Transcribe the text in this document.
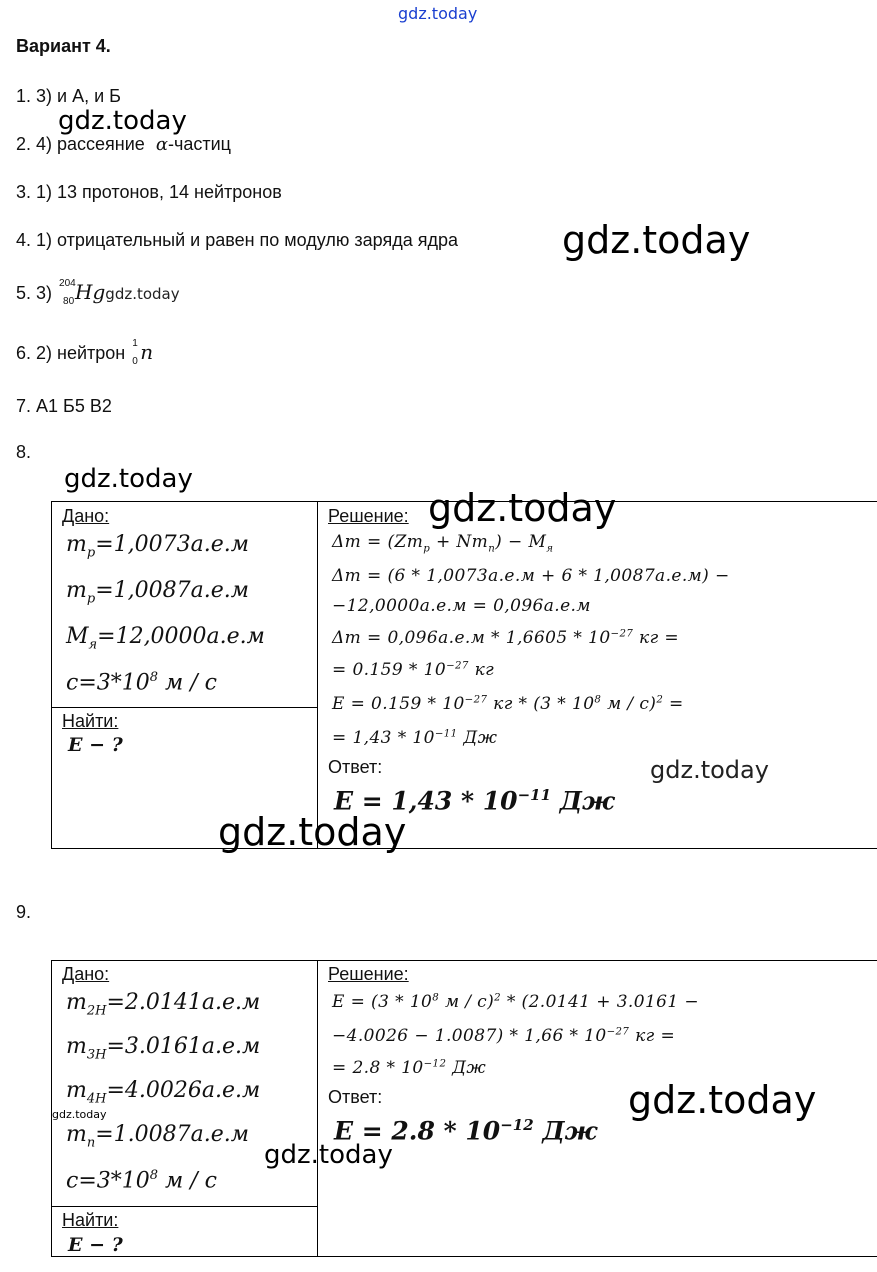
gdz.today
Вариант 4.
1. 3) и А, и Б
gdz.today
2. 4) рассеяние α-частиц
3. 1) 13 протонов, 14 нейтронов
4. 1) отрицательный и равен по модулю заряда ядра	gdz.today
5. 3) 204
80 Hggdz.today
6. 2) нейтрон 1
0 n
7. А1 Б5 В2
8.
gdz.today
Дано:
$m_p=1,0073а.е.м$
$m_p=1,0087а.е.м$
$M_я=12,0000а.е.м$
$c=3*10^8$ м / с
Найти:
E − ?
Решение: gdz.today
$\Delta m = (Zm_p + Nm_n) - M_я$
Δm = (6 * 1,0073а.е.м + 6 * 1,0087а.е.м) −
−12,0000а.е.м = 0,096а.е.м
$\Delta m = 0,096а.е.м * 1,6605 * 10^{-27}$ кг =
= $0.159 * 10^{-27}$ кг
$E = 0.159 * 10^{-27}$ кг * ($3 * 10^8$ м / с)$^2$ =
= $1,43 * 10^{-11}$ Дж
Ответ:	gdz.today
$E = 1,43 * 10^{-11}$ Дж
gdz.today
9.
Дано:
$m_{2H}=2.0141а.е.м$
$m_{3H}=3.0161а.е.м$
$m_{4H}=4.0026а.е.м$
gdz.today
$m_n=1.0087а.е.м$
$c=3*10^8$ м / с
gdz.today
Найти:
E − ?
Решение:
$E = (3 * 10^8$ м / с)$^2$ * (2.0141 + 3.0161 −
$-4.0026 - 1.0087) * 1,66 * 10^{-27}$ кг =
= $2.8 * 10^{-12}$ Дж
Ответ:	gdz.today
$E = 2.8 * 10^{-12}$ Дж
